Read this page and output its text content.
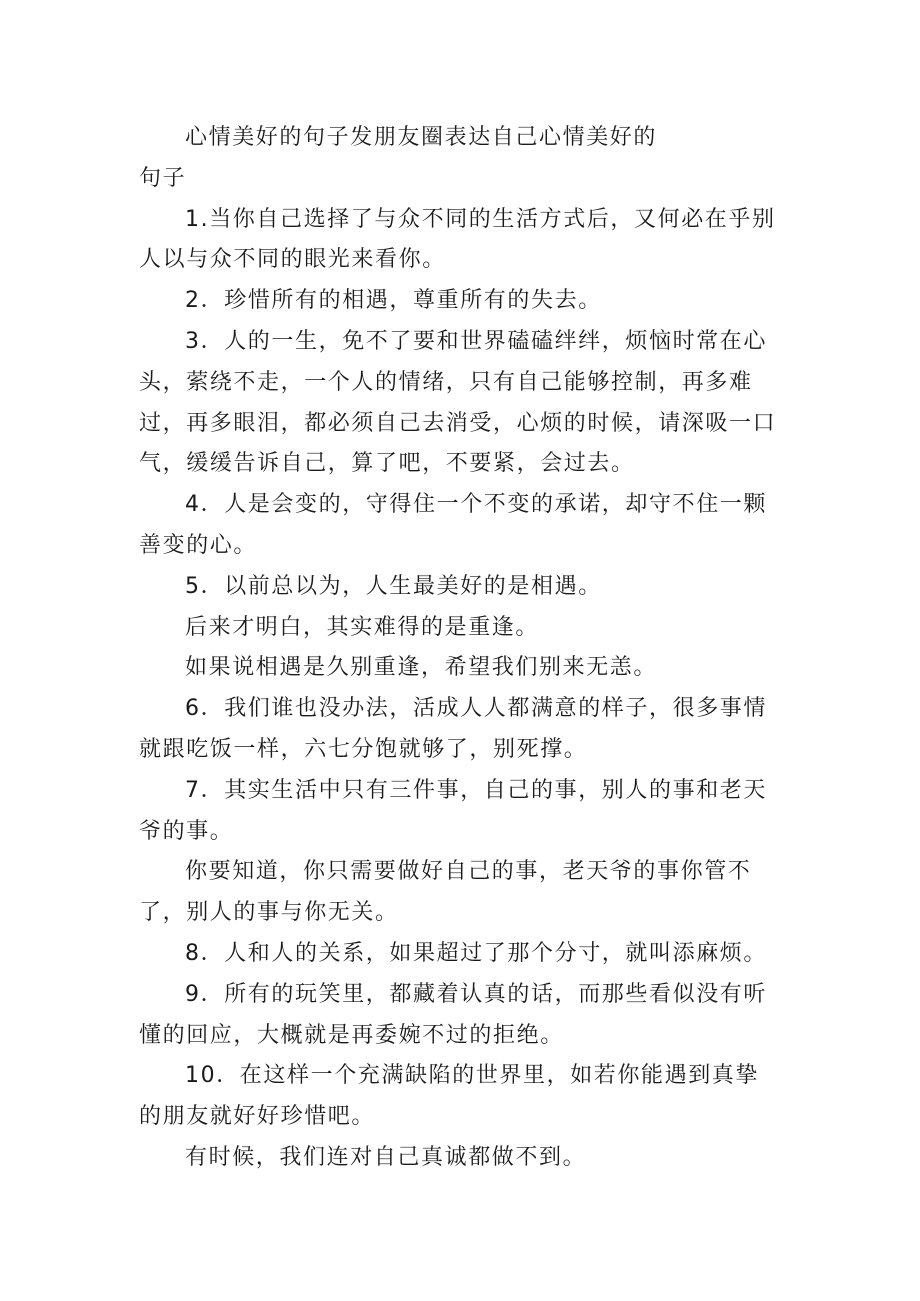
心情美好的句子发朋友圈表达自己心情美好的

句子

1.当你自己选择了与众不同的生活方式后，又何必在乎别人以与众不同的眼光来看你。

2．珍惜所有的相遇，尊重所有的失去。

3．人的一生，免不了要和世界磕磕绊绊，烦恼时常在心头，萦绕不走，一个人的情绪，只有自己能够控制，再多难过，再多眼泪，都必须自己去消受，心烦的时候，请深吸一口气，缓缓告诉自己，算了吧，不要紧，会过去。

4．人是会变的，守得住一个不变的承诺，却守不住一颗善变的心。

5．以前总以为，人生最美好的是相遇。

后来才明白，其实难得的是重逢。

如果说相遇是久别重逢，希望我们别来无恙。

6．我们谁也没办法，活成人人都满意的样子，很多事情就跟吃饭一样，六七分饱就够了，别死撑。

7．其实生活中只有三件事，自己的事，别人的事和老天爷的事。

你要知道，你只需要做好自己的事，老天爷的事你管不了，别人的事与你无关。

8．人和人的关系，如果超过了那个分寸，就叫添麻烦。

9．所有的玩笑里，都藏着认真的话，而那些看似没有听懂的回应，大概就是再委婉不过的拒绝。

10．在这样一个充满缺陷的世界里，如若你能遇到真挚的朋友就好好珍惜吧。

有时候，我们连对自己真诚都做不到。
